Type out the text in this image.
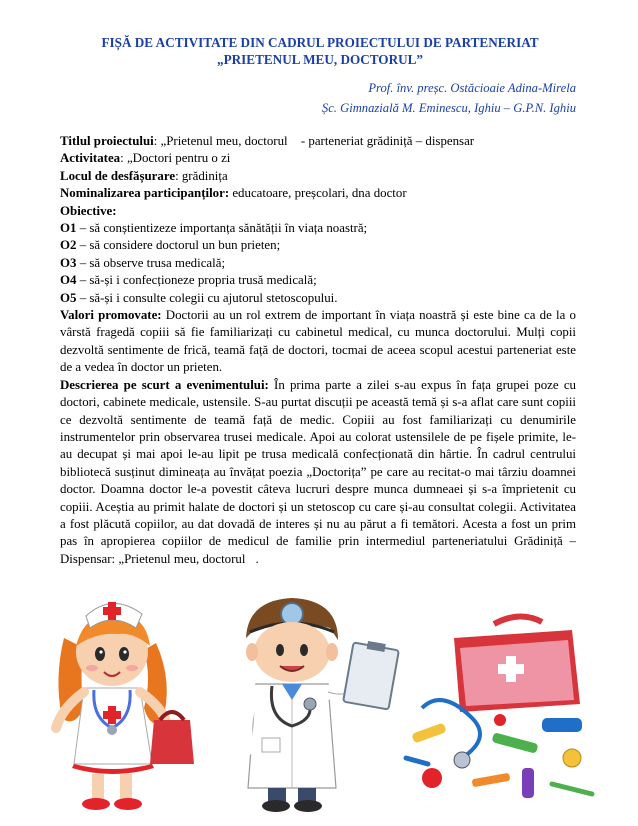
FIȘĂ DE ACTIVITATE DIN CADRUL PROIECTULUI DE PARTENERIAT
„PRIETENUL MEU, DOCTORUL”
Prof. înv. preșc. Ostăcioaie Adina-Mirela
Șc. Gimnazială M. Eminescu, Ighiu – G.P.N. Ighiu

Titlul proiectului: „Prietenul meu, doctorul - parteneriat grădiniță – dispensar

Activitatea: „Doctori pentru o zi

Locul de desfășurare: grădinița

Nominalizarea participanților: educatoare, preșcolari, dna doctor

Obiective:

O1 – să conștientizeze importanța sănătății în viața noastră;

O2 – să considere doctorul un bun prieten;

O3 – să observe trusa medicală;

O4 – să-și i confecționeze propria trusă medicală;

O5 – să-și i consulte colegii cu ajutorul stetoscopului.

Valori promovate: Doctorii au un rol extrem de important în viața noastră și este bine ca de la o vârstă fragedă copiii să fie familiarizați cu cabinetul medical, cu munca doctorului. Mulți copii dezvoltă sentimente de frică, teamă față de doctori, tocmai de aceea scopul acestui parteneriat este de a vedea în doctor un prieten.

Descrierea pe scurt a evenimentului: În prima parte a zilei s-au expus în fața grupei poze cu doctori, cabinete medicale, ustensile. S-au purtat discuții pe această temă și s-a aflat care sunt copiii ce dezvoltă sentimente de teamă față de medic. Copiii au fost familiarizați cu denumirile instrumentelor prin observarea trusei medicale. Apoi au colorat ustensilele de pe fișele primite, le-au decupat și mai apoi le-au lipit pe trusa medicală confecționată din hârtie. În cadrul centrului bibliotecă susținut dimineața au învățat poezia „Doctorița” pe care au recitat-o mai târziu doamnei doctor. Doamna doctor le-a povestit câteva lucruri despre munca dumneaei și s-a împrietenit cu copiii. Aceștia au primit halate de doctori și un stetoscop cu care și-au consultat colegii. Activitatea a fost plăcută copiilor, au dat dovadă de interes și nu au părut a fi temători. Acesta a fost un prim pas în apropierea copiilor de medicul de familie prin intermediul parteneriatului Grădiniță – Dispensar: „Prietenul meu, doctorul .
